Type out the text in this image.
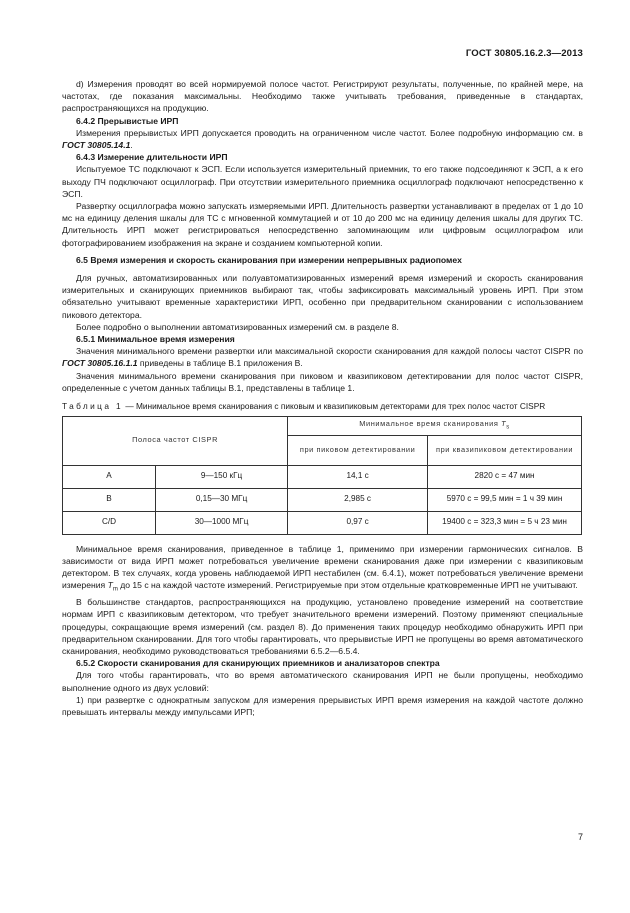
ГОСТ 30805.16.2.3—2013

d) Измерения проводят во всей нормируемой полосе частот. Регистрируют результаты, полученные, по крайней мере, на частотах, где показания максимальны. Необходимо также учитывать требования, приведенные в стандартах, распространяющихся на продукцию.

6.4.2 Прерывистые ИРП

Измерения прерывистых ИРП допускается проводить на ограниченном числе частот. Более подробную информацию см. в ГОСТ 30805.14.1.

6.4.3 Измерение длительности ИРП

Испытуемое ТС подключают к ЭСП. Если используется измерительный приемник, то его также подсоединяют к ЭСП, а к его выходу ПЧ подключают осциллограф. При отсутствии измерительного приемника осциллограф подключают непосредственно к ЭСП.

Развертку осциллографа можно запускать измеряемыми ИРП. Длительность развертки устанавливают в пределах от 1 до 10 мс на единицу деления шкалы для ТС с мгновенной коммутацией и от 10 до 200 мс на единицу деления шкалы для других ТС. Длительность ИРП может регистрироваться непосредственно запоминающим или цифровым осциллографом или фотографированием изображения на экране и созданием компьютерной копии.

6.5 Время измерения и скорость сканирования при измерении непрерывных радиопомех

Для ручных, автоматизированных или полуавтоматизированных измерений время измерений и скорость сканирования измерительных и сканирующих приемников выбирают так, чтобы зафиксировать максимальный уровень ИРП. При этом обязательно учитывают временные характеристики ИРП, особенно при предварительном сканировании с использованием пикового детектора.

Более подробно о выполнении автоматизированных измерений см. в разделе 8.

6.5.1 Минимальное время измерения

Значения минимального времени развертки или максимальной скорости сканирования для каждой полосы частот CISPR по ГОСТ 30805.16.1.1 приведены в таблице В.1 приложения В.

Значения минимального времени сканирования при пиковом и квазипиковом детектировании для полос частот CISPR, определенные с учетом данных таблицы В.1, представлены в таблице 1.

Таблица 1 — Минимальное время сканирования с пиковым и квазипиковым детекторами для трех полос частот CISPR
Полоса частот CISPR		Минимальное время сканирования $T_s$
		при пиковом детектировании	при квазипиковом детектировании
A	9—150 кГц	14,1 с	2820 с = 47 мин
B	0,15—30 МГц	2,985 с	5970 с = 99,5 мин = 1 ч 39 мин
C/D	30—1000 МГц	0,97 с	19400 с = 323,3 мин = 5 ч 23 мин

Минимальное время сканирования, приведенное в таблице 1, применимо при измерении гармонических сигналов. В зависимости от вида ИРП может потребоваться увеличение времени сканирования даже при измерении с квазипиковым детектором. В тех случаях, когда уровень наблюдаемой ИРП нестабилен (см. 6.4.1), может потребоваться увеличение времени измерения $T_m$ до 15 с на каждой частоте измерений. Регистрируемые при этом отдельные кратковременные ИРП не учитывают.

В большинстве стандартов, распространяющихся на продукцию, установлено проведение измерений на соответствие нормам ИРП с квазипиковым детектором, что требует значительного времени измерений. Поэтому применяют специальные процедуры, сокращающие время измерений (см. раздел 8). До применения таких процедур необходимо обнаружить ИРП при предварительном сканировании. Для того чтобы гарантировать, что прерывистые ИРП не пропущены во время автоматического сканирования, необходимо руководствоваться требованиями 6.5.2—6.5.4.

6.5.2 Скорости сканирования для сканирующих приемников и анализаторов спектра

Для того чтобы гарантировать, что во время автоматического сканирования ИРП не были пропущены, необходимо выполнение одного из двух условий:

1) при развертке с однократным запуском для измерения прерывистых ИРП время измерения на каждой частоте должно превышать интервалы между импульсами ИРП;

7
